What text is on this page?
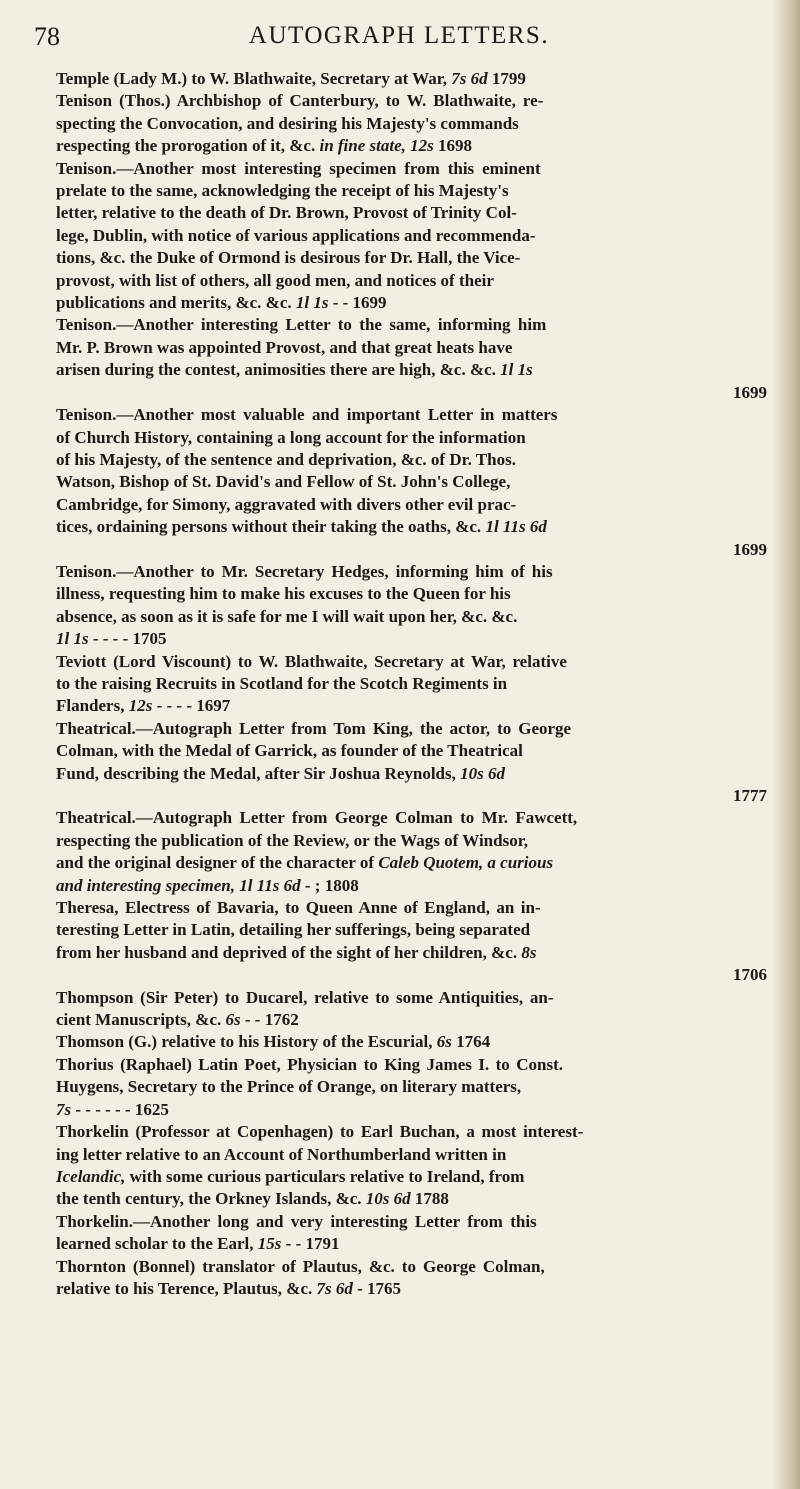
78	AUTOGRAPH LETTERS.
Temple (Lady M.) to W. Blathwaite, Secretary at War, 7s 6d 1799
Tenison (Thos.) Archbishop of Canterbury, to W. Blathwaite, re-
specting the Convocation, and desiring his Majesty's commands
respecting the prorogation of it, &c. in fine state, 12s 1698
Tenison.—Another most interesting specimen from this eminent
prelate to the same, acknowledging the receipt of his Majesty's
letter, relative to the death of Dr. Brown, Provost of Trinity Col-
lege, Dublin, with notice of various applications and recommenda-
tions, &c. the Duke of Ormond is desirous for Dr. Hall, the Vice-
provost, with list of others, all good men, and notices of their
publications and merits, &c. &c. 1l 1s - - 1699
Tenison.—Another interesting Letter to the same, informing him
Mr. P. Brown was appointed Provost, and that great heats have
arisen during the contest, animosities there are high, &c. &c. 1l 1s
1699
Tenison.—Another most valuable and important Letter in matters
of Church History, containing a long account for the information
of his Majesty, of the sentence and deprivation, &c. of Dr. Thos.
Watson, Bishop of St. David's and Fellow of St. John's College,
Cambridge, for Simony, aggravated with divers other evil prac-
tices, ordaining persons without their taking the oaths, &c. 1l 11s 6d
1699
Tenison.—Another to Mr. Secretary Hedges, informing him of his
illness, requesting him to make his excuses to the Queen for his
absence, as soon as it is safe for me I will wait upon her, &c. &c.
1l 1s - - - - 1705
Teviott (Lord Viscount) to W. Blathwaite, Secretary at War, relative
to the raising Recruits in Scotland for the Scotch Regiments in
Flanders, 12s - - - - 1697
Theatrical.—Autograph Letter from Tom King, the actor, to George
Colman, with the Medal of Garrick, as founder of the Theatrical
Fund, describing the Medal, after Sir Joshua Reynolds, 10s 6d
1777
Theatrical.—Autograph Letter from George Colman to Mr. Fawcett,
respecting the publication of the Review, or the Wags of Windsor,
and the original designer of the character of Caleb Quotem, a curious
and interesting specimen, 1l 11s 6d - ; 1808
Theresa, Electress of Bavaria, to Queen Anne of England, an in-
teresting Letter in Latin, detailing her sufferings, being separated
from her husband and deprived of the sight of her children, &c. 8s
1706
Thompson (Sir Peter) to Ducarel, relative to some Antiquities, an-
cient Manuscripts, &c. 6s - - 1762
Thomson (G.) relative to his History of the Escurial, 6s 1764
Thorius (Raphael) Latin Poet, Physician to King James I. to Const.
Huygens, Secretary to the Prince of Orange, on literary matters,
7s - - - - - - 1625
Thorkelin (Professor at Copenhagen) to Earl Buchan, a most interest-
ing letter relative to an Account of Northumberland written in
Icelandic, with some curious particulars relative to Ireland, from
the tenth century, the Orkney Islands, &c. 10s 6d 1788
Thorkelin.—Another long and very interesting Letter from this
learned scholar to the Earl, 15s - - 1791
Thornton (Bonnel) translator of Plautus, &c. to George Colman,
relative to his Terence, Plautus, &c. 7s 6d - 1765
